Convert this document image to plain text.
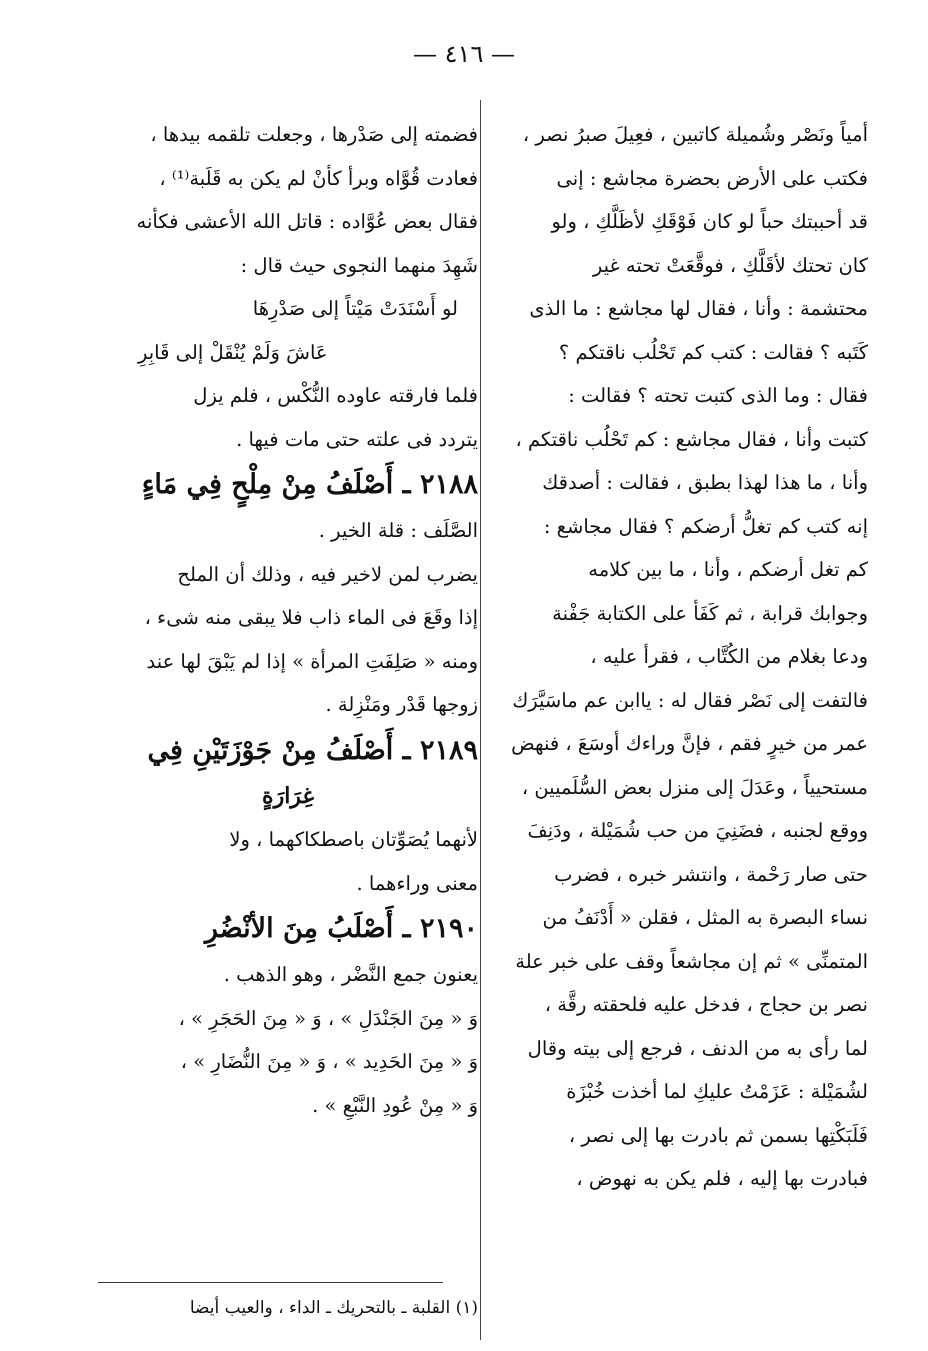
— ٤١٦ —
أمياً ونَصْر وشُميلة كاتبين ، فعِيلَ صبرُ نصر ،
فكتب على الأرض بحضرة مجاشع : إنى
قد أحببتك حباً لو كان فَوْقَكِ لأظَلَّكِ ، ولو
كان تحتك لأقَلَّكِ ، فوقَّعَتْ تحته غير
محتشمة : وأنا ، فقال لها مجاشع : ما الذى
كَتَبه ؟ فقالت : كتب كم تَحْلُب ناقتكم ؟
فقال : وما الذى كتبت تحته ؟ فقالت :
كتبت وأنا ، فقال مجاشع : كم تَحْلُب ناقتكم ،
وأنا ، ما هذا لهذا بطبق ، فقالت : أصدقك
إنه كتب كم تغلُّ أرضكم ؟ فقال مجاشع :
كم تغل أرضكم ، وأنا ، ما بين كلامه
وجوابك قرابة ، ثم كَفَأ على الكتابة جَفْنة
ودعا بغلام من الكُتَّاب ، فقرأ عليه ،
فالتفت إلى نَصْر فقال له : ياابن عم ماسَيَّرَك
عمر من خيرٍ فقم ، فإنَّ وراءك أوسَعَ ، فنهض
مستحيياً ، وعَدَلَ إلى منزل بعض السُّلَميين ،
ووقع لجنبه ، فضَنِيَ من حب شُمَيْلة ، ودَنِفَ
حتى صار رَحْمة ، وانتشر خبره ، فضرب
نساء البصرة به المثل ، فقلن « أَدْنَفُ من
المتمنِّى » ثم إن مجاشعاً وقف على خبر علة
نصر بن حجاج ، فدخل عليه فلحقته رقَّة ،
لما رأى به من الدنف ، فرجع إلى بيته وقال
لشُمَيْلة : عَزَمْتُ عليكِ لما أخذت خُبْزَة
فَلَبَكْتِها بسمن ثم بادرت بها إلى نصر ،
فبادرت بها إليه ، فلم يكن به نهوض ،
فضمته إلى صَدْرها ، وجعلت تلقمه بيدها ،
فعادت قُوَّاه وبرأ كأنْ لم يكن به قَلَبة⁽¹⁾ ،
فقال بعض عُوَّاده : قاتل الله الأعشى فكأنه
شَهِدَ منهما النجوى حيث قال :
لو أَسْنَدَتْ مَيْتاً إلى صَدْرِهَا
عَاشَ وَلَمْ يُنْقَلْ إلى قَابِرِ
فلما فارقته عاوده النُّكْس ، فلم يزل
يتردد فى علته حتى مات فيها .
٢١٨٨ ـ أَصْلَفُ مِنْ مِلْحٍ فِي مَاءٍ
الصَّلَف : قلة الخير .
يضرب لمن لاخير فيه ، وذلك أن الملح
إذا وقَعَ فى الماء ذاب فلا يبقى منه شىء ،
ومنه « صَلِفَتِ المرأة » إذا لم يَبْقَ لها عند
زوجها قَدْر ومَنْزِلة .
٢١٨٩ ـ أَصْلَفُ مِنْ جَوْزَتَيْنِ فِي
غِرَارَةٍ
لأنهما يُصَوِّتان باصطكاكهما ، ولا
معنى وراءهما .
٢١٩٠ ـ أَصْلَبُ مِنَ الأنْضُرِ
يعنون جمع النَّضْر ، وهو الذهب .
وَ « مِنَ الجَنْدَلِ » ، وَ « مِنَ الحَجَرِ » ،
وَ « مِنَ الحَدِيد » ، وَ « مِنَ النُّضَارِ » ،
وَ « مِنْ عُودِ النَّبْعِ » .
(١) القلبة ـ بالتحريك ـ الداء ، والعيب أيضا
